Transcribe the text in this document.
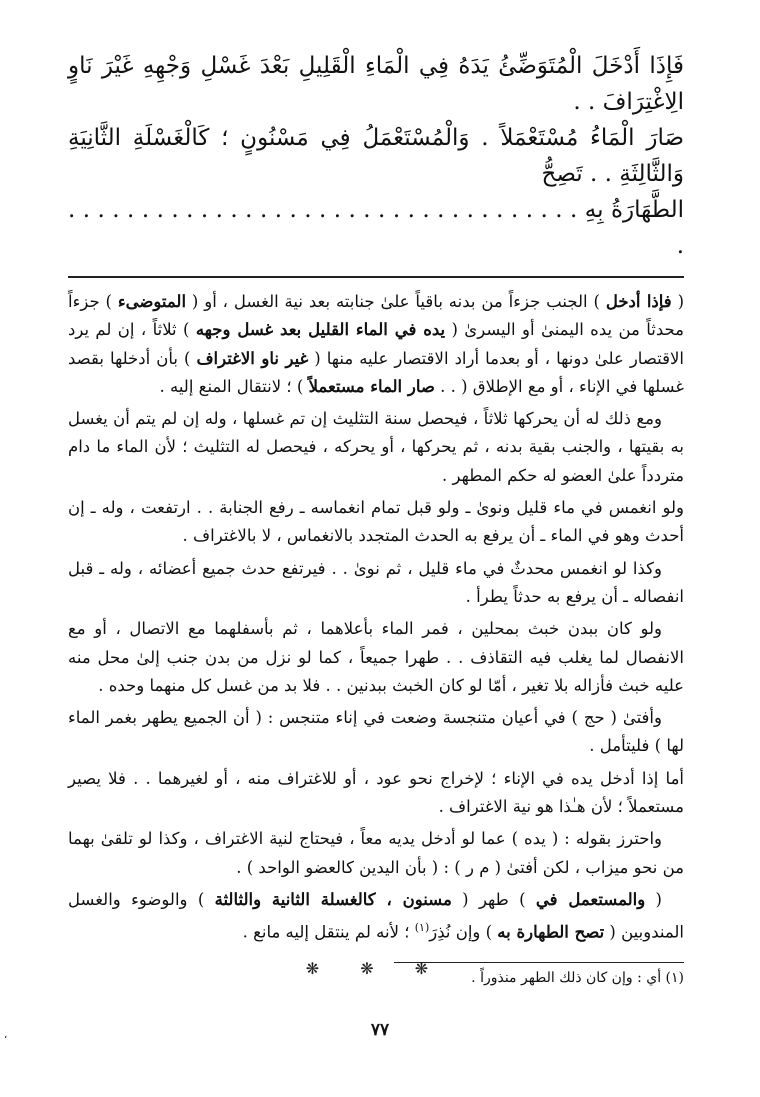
فَإِذَا أَدْخَلَ الْمُتَوَضِّئُ يَدَهُ فِي الْمَاءِ الْقَلِيلِ بَعْدَ غَسْلِ وَجْهِهِ غَيْرَ نَاوٍ الِاغْتِرَافَ . .

صَارَ الْمَاءُ مُسْتَعْمَلاً . وَالْمُسْتَعْمَلُ فِي مَسْنُونٍ ؛ كَالْغَسْلَةِ الثَّانِيَةِ وَالثَّالِثَةِ . . تَصِحُّ

الطَّهَارَةُ بِهِ . . . . . . . . . . . . . . . . . . . . . . . . . . . . . . . . . . . .

( فإذا أدخل ) الجنب جزءاً من بدنه باقياً علىٰ جنابته بعد نية الغسل ، أو ( المتوضىء ) جزءاً محدثاً من يده اليمنىٰ أو اليسرىٰ ( يده في الماء القليل بعد غسل وجهه ) ثلاثاً ، إن لم يرد الاقتصار علىٰ دونها ، أو بعدما أراد الاقتصار عليه منها ( غير ناو الاغتراف ) بأن أدخلها بقصد غسلها في الإناء ، أو مع الإطلاق ( . . صار الماء مستعملاً ) ؛ لانتقال المنع إليه .

ومع ذلك له أن يحركها ثلاثاً ، فيحصل سنة التثليث إن تم غسلها ، وله إن لم يتم أن يغسل به بقيتها ، والجنب بقية بدنه ، ثم يحركها ، أو يحركه ، فيحصل له التثليث ؛ لأن الماء ما دام متردداً علىٰ العضو له حكم المطهر .

ولو انغمس في ماء قليل ونوىٰ ـ ولو قبل تمام انغماسه ـ رفع الجنابة . . ارتفعت ، وله ـ إن أحدث وهو في الماء ـ أن يرفع به الحدث المتجدد بالانغماس ، لا بالاغتراف .

وكذا لو انغمس محدثٌ في ماء قليل ، ثم نوىٰ . . فيرتفع حدث جميع أعضائه ، وله ـ قبل انفصاله ـ أن يرفع به حدثاً يطرأ .

ولو كان ببدن خبث بمحلين ، فمر الماء بأعلاهما ، ثم بأسفلهما مع الاتصال ، أو مع الانفصال لما يغلب فيه التقاذف . . طهرا جميعاً ، كما لو نزل من بدن جنب إلىٰ محل منه عليه خبث فأزاله بلا تغير ، أمّا لو كان الخبث ببدنين . . فلا بد من غسل كل منهما وحده .

وأفتىٰ ( حج ) في أعيان متنجسة وضعت في إناء متنجس : ( أن الجميع يطهر بغمر الماء لها ) فليتأمل .

أما إذا أدخل يده في الإناء ؛ لإخراج نحو عود ، أو للاغتراف منه ، أو لغيرهما . . فلا يصير مستعملاً ؛ لأن هـٰذا هو نية الاغتراف .

واحترز بقوله : ( يده ) عما لو أدخل يديه معاً ، فيحتاج لنية الاغتراف ، وكذا لو تلقىٰ بهما من نحو ميزاب ، لكن أفتىٰ ( م ر ) : ( بأن اليدين كالعضو الواحد ) .

( والمستعمل في ) طهر ( مسنون ، كالغسلة الثانية والثالثة ) والوضوء والغسل المندوبين ( تصح الطهارة به ) وإن نُذِرَ$^{(١)}$ ؛ لأنه لم ينتقل إليه مانع .

❋ ❋ ❋	(١) أي : وإن كان ذلك الطهر منذوراً .
٧٧
،
